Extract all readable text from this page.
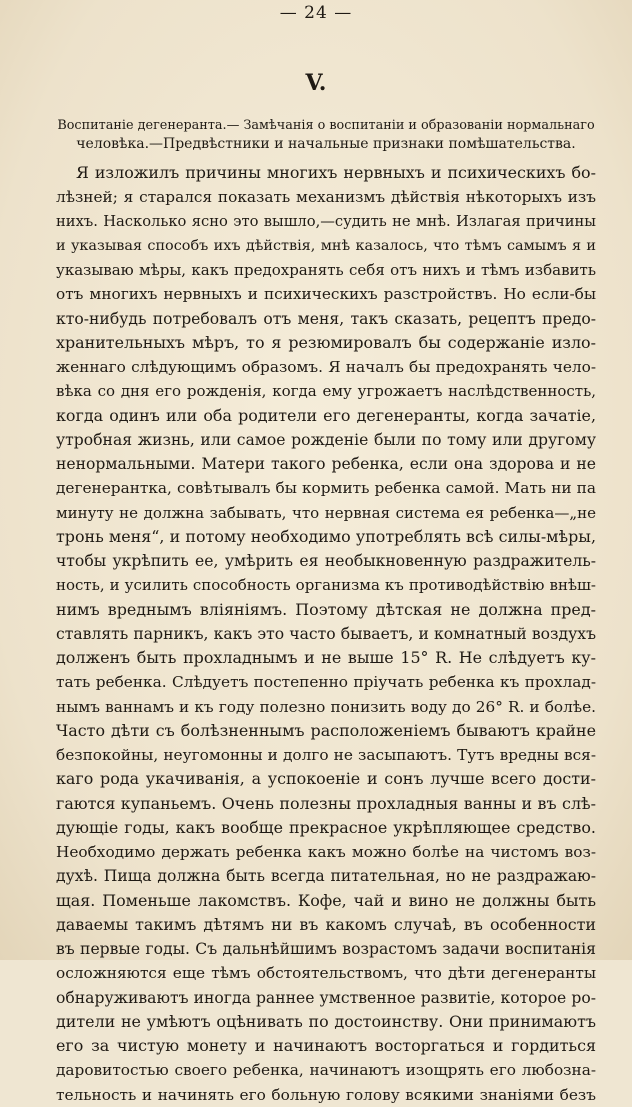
— 24 —
V.
Воспитаніе дегенеранта.— Замѣчанія о воспитаніи и образованіи нормальнаго
человѣка.—Предвѣстники и начальные признаки помѣшательства.
Я изложилъ причины многихъ нервныхъ и психическихъ бо-
лѣзней; я старался показать механизмъ дѣйствія нѣкоторыхъ изъ
нихъ. Насколько ясно это вышло,—судить не мнѣ. Излагая причины
и указывая способъ ихъ дѣйствія, мнѣ казалось, что тѣмъ самымъ я и
указываю мѣры, какъ предохранять себя отъ нихъ и тѣмъ избавить
отъ многихъ нервныхъ и психическихъ разстройствъ. Но если-бы
кто-нибудь потребовалъ отъ меня, такъ сказать, рецептъ предо-
хранительныхъ мѣръ, то я резюмировалъ бы содержаніе изло-
женнаго слѣдующимъ образомъ. Я началъ бы предохранять чело-
вѣка со дня его рожденія, когда ему угрожаетъ наслѣдственность,
когда одинъ или оба родители его дегенеранты, когда зачатіе,
утробная жизнь, или самое рожденіе были по тому или другому
ненормальными. Матери такого ребенка, если она здорова и не
дегенерантка, совѣтывалъ бы кормить ребенка самой. Мать ни па
минуту не должна забывать, что нервная система ея ребенка—„не
тронь меня“, и потому необходимо употреблять всѣ силы-мѣры,
чтобы укрѣпить ее, умѣрить ея необыкновенную раздражитель-
ность, и усилить способность организма къ противодѣйствію внѣш-
нимъ вреднымъ вліяніямъ. Поэтому дѣтская не должна пред-
ставлять парникъ, какъ это часто бываетъ, и комнатный воздухъ
долженъ быть прохладнымъ и не выше 15° R. Не слѣдуетъ ку-
тать ребенка. Слѣдуетъ постепенно пріучать ребенка къ прохлад-
нымъ ваннамъ и къ году полезно понизить воду до 26° R. и болѣе.
Часто дѣти съ болѣзненнымъ расположеніемъ бываютъ крайне
безпокойны, неугомонны и долго не засыпаютъ. Тутъ вредны вся-
каго рода укачиванія, а успокоеніе и сонъ лучше всего дости-
гаются купаньемъ. Очень полезны прохладныя ванны и въ слѣ-
дующіе годы, какъ вообще прекрасное укрѣпляющее средство.
Необходимо держать ребенка какъ можно болѣе на чистомъ воз-
духѣ. Пища должна быть всегда питательная, но не раздражаю-
щая. Поменьше лакомствъ. Кофе, чай и вино не должны быть
даваемы такимъ дѣтямъ ни въ какомъ случаѣ, въ особенности
въ первые годы. Съ дальнѣйшимъ возрастомъ задачи воспитанія
осложняются еще тѣмъ обстоятельствомъ, что дѣти дегенеранты
обнаруживаютъ иногда раннее умственное развитіе, которое ро-
дители не умѣютъ оцѣнивать по достоинству. Они принимаютъ
его за чистую монету и начинаютъ восторгаться и гордиться
даровитостью своего ребенка, начинаютъ изощрять его любозна-
тельность и начинять его больную голову всякими знаніями безъ
